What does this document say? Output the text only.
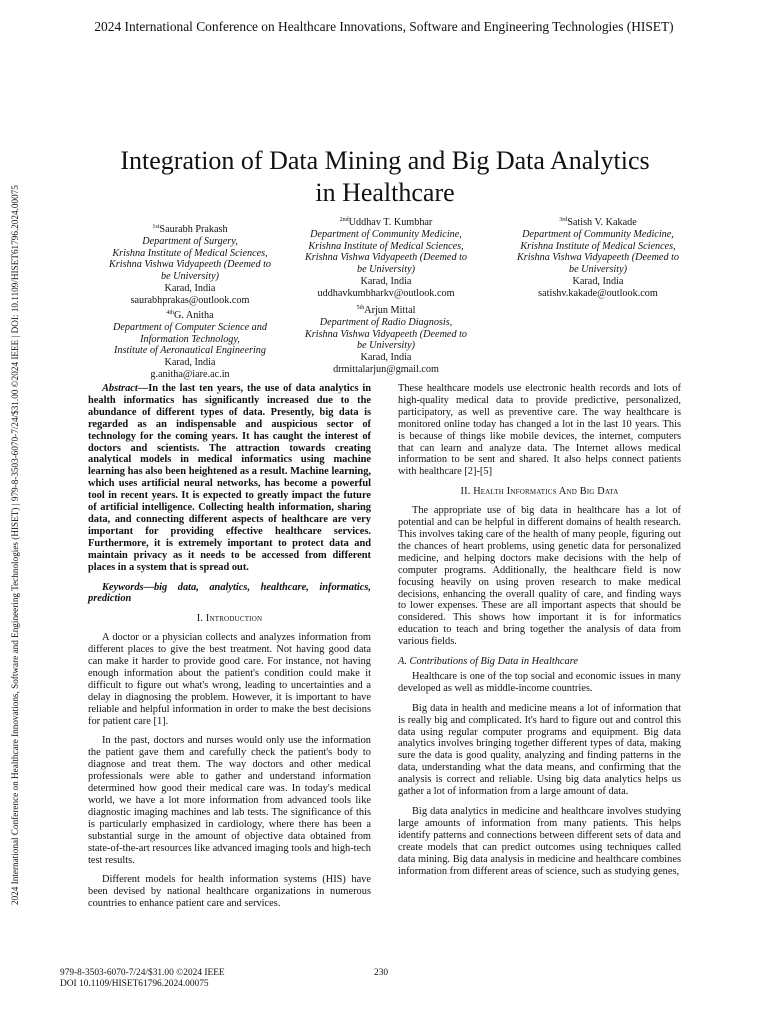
2024 International Conference on Healthcare Innovations, Software and Engineering Technologies (HISET)
2024 International Conference on Healthcare Innovations, Software and Engineering Technologies (HISET) | 979-8-3503-6070-7/24/$31.00 ©2024 IEEE | DOI: 10.1109/HISET61796.2024.00075
Integration of Data Mining and Big Data Analytics
in Healthcare
$^{1st}$Saurabh Prakash
Department of Surgery,
Krishna Institute of Medical Sciences,
Krishna Vishwa Vidyapeeth (Deemed to
be University)
Karad, India
saurabhprakas@outlook.com
$^{2nd}$Uddhav T. Kumbhar
Department of Community Medicine,
Krishna Institute of Medical Sciences,
Krishna Vishwa Vidyapeeth (Deemed to
be University)
Karad, India
uddhavkumbharkv@outlook.com
$^{3rd}$Satish V. Kakade
Department of Community Medicine,
Krishna Institute of Medical Sciences,
Krishna Vishwa Vidyapeeth (Deemed to
be University)
Karad, India
satishv.kakade@outlook.com
$^{4th}$G. Anitha
Department of Computer Science and
Information Technology,
Institute of Aeronautical Engineering
Karad, India
g.anitha@iare.ac.in
$^{5th}$Arjun Mittal
Department of Radio Diagnosis,
Krishna Vishwa Vidyapeeth (Deemed to
be University)
Karad, India
drmittalarjun@gmail.com

Abstract—In the last ten years, the use of data analytics in health informatics has significantly increased due to the abundance of different types of data. Presently, big data is regarded as an indispensable and auspicious sector of technology for the coming years. It has caught the interest of doctors and scientists. The attraction towards creating analytical models in medical informatics using machine learning has also been heightened as a result. Machine learning, which uses artificial neural networks, has become a powerful tool in recent years. It is expected to greatly impact the future of artificial intelligence. Collecting health information, sharing data, and connecting different aspects of healthcare are very important for providing effective healthcare services. Furthermore, it is extremely important to protect data and maintain privacy as it needs to be accessed from different places in a system that is spread out.

Keywords—big data, analytics, healthcare, informatics, prediction

I. Introduction

A doctor or a physician collects and analyzes information from different places to give the best treatment. Not having good data can make it harder to provide good care. For instance, not having enough information about the patient's condition could make it difficult to figure out what's wrong, leading to uncertainties and a delay in diagnosing the problem. However, it is important to have reliable and helpful information in order to make the best decisions for patient care [1].

In the past, doctors and nurses would only use the information the patient gave them and carefully check the patient's body to diagnose and treat them. The way doctors and other medical professionals were able to gather and understand information determined how good their medical care was. In today's medical world, we have a lot more information from advanced tools like diagnostic imaging machines and lab tests. The significance of this is particularly emphasized in cardiology, where there has been a substantial surge in the amount of objective data obtained from state-of-the-art resources like advanced imaging tools and high-tech test results.

Different models for health information systems (HIS) have been devised by national healthcare organizations in numerous countries to enhance patient care and services.

These healthcare models use electronic health records and lots of high-quality medical data to provide predictive, personalized, participatory, as well as preventive care. The way healthcare is monitored online today has changed a lot in the last 10 years. This is because of things like mobile devices, the internet, computers that can learn and analyze data. The Internet allows medical information to be sent and shared. It also helps connect patients with healthcare [2]-[5]

II. Health Informatics And Big Data

The appropriate use of big data in healthcare has a lot of potential and can be helpful in different domains of health research. This involves taking care of the health of many people, figuring out the chances of heart problems, using genetic data for personalized medicine, and helping doctors make decisions with the help of computer programs. Additionally, the healthcare field is now focusing heavily on using proven research to make medical decisions, enhancing the overall quality of care, and finding ways to lower expenses. These are all important aspects that should be considered. This shows how important it is for informatics education to teach and bring together the analysis of data from various fields.

A. Contributions of Big Data in Healthcare

Healthcare is one of the top social and economic issues in many developed as well as middle-income countries.

Big data in health and medicine means a lot of information that is really big and complicated. It's hard to figure out and control this data using regular computer programs and equipment. Big data analytics involves bringing together different types of data, making sure the data is good quality, analyzing and finding patterns in the data, understanding what the data means, and confirming that the analysis is correct and reliable. Using big data analytics helps us gather a lot of information from a large amount of data.

Big data analytics in medicine and healthcare involves studying large amounts of information from many patients. This helps identify patterns and connections between different sets of data and create models that can predict outcomes using techniques called data mining. Big data analysis in medicine and healthcare combines information from different areas of science, such as studying genes,

979-8-3503-6070-7/24/$31.00 ©2024 IEEE
DOI 10.1109/HISET61796.2024.00075
230
